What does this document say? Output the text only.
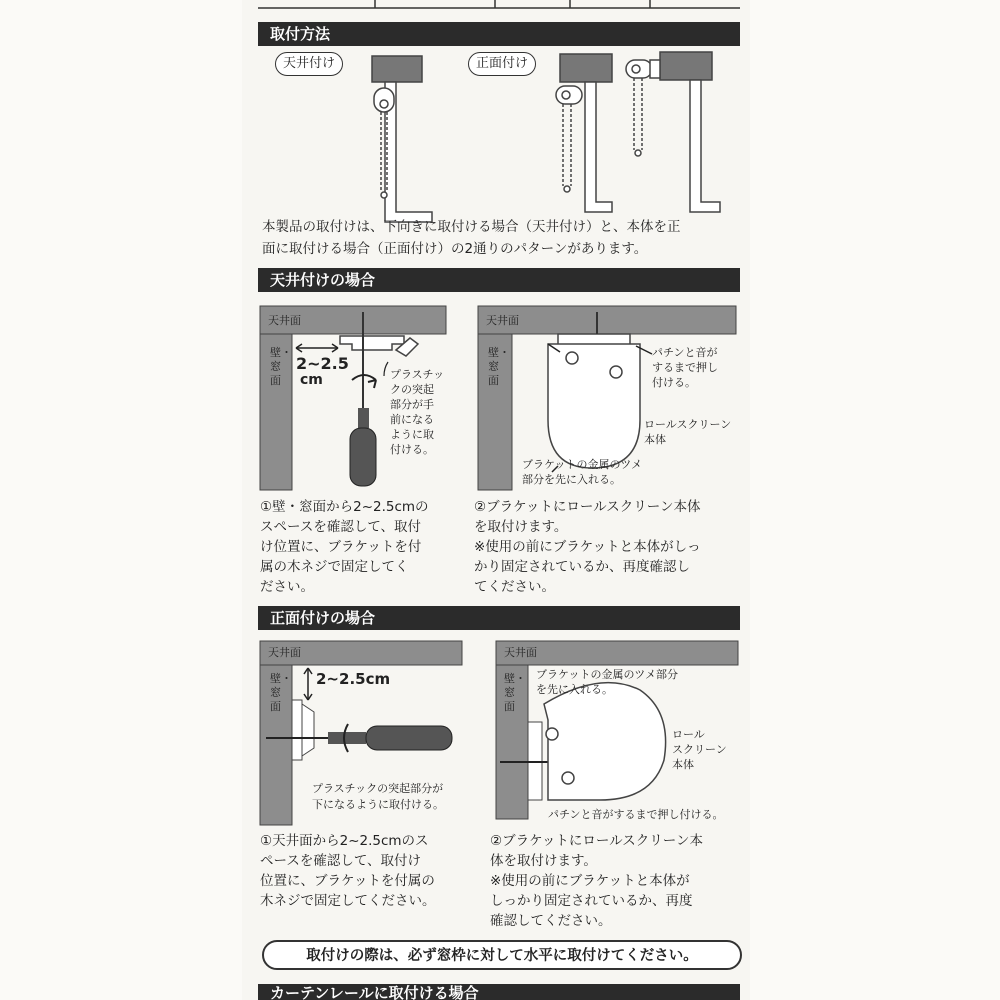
取付方法
天井付け	正面付け
本製品の取付けは、下向きに取付ける場合（天井付け）と、本体を正
面に取付ける場合（正面付け）の2通りのパターンがあります。
天井付けの場合
天井面
壁・窓面
2~2.5
cm	プラスチッ
クの突起
部分が手
前になる
ように取
付ける。
天井面
壁・窓面
パチンと音が
するまで押し
付ける。
ロールスクリーン
本体
ブラケットの金属のツメ
部分を先に入れる。
①壁・窓面から2~2.5cmの
スペースを確認して、取付
け位置に、ブラケットを付
属の木ネジで固定してく
ださい。
②ブラケットにロールスクリーン本体
を取付けます。
※使用の前にブラケットと本体がしっ
かり固定されているか、再度確認し
てください。
正面付けの場合
天井面
壁・窓面
2~2.5cm
プラスチックの突起部分が
下になるように取付ける。
天井面
壁・窓面
ブラケットの金属のツメ部分
を先に入れる。
ロール
スクリーン
本体
パチンと音がするまで押し付ける。
①天井面から2~2.5cmのス
ペースを確認して、取付け
位置に、ブラケットを付属の
木ネジで固定してください。
②ブラケットにロールスクリーン本
体を取付けます。
※使用の前にブラケットと本体が
しっかり固定されているか、再度
確認してください。
取付けの際は、必ず窓枠に対して水平に取付けてください。
カーテンレールに取付ける場合
